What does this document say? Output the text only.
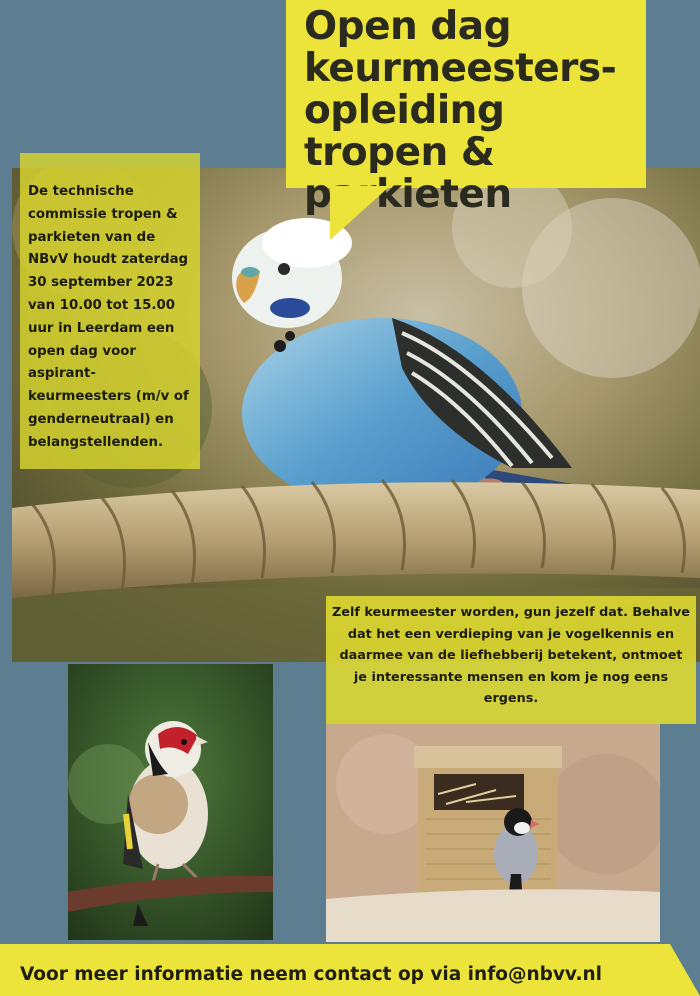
Open dag keurmeesters-opleiding tropen & parkieten

De technische commissie tropen & parkieten van de NBvV houdt zaterdag 30 september 2023 van 10.00 tot 15.00 uur in Leerdam een open dag voor aspirant-keurmeesters (m/v of genderneutraal) en belangstellenden.

Zelf keurmeester worden, gun jezelf dat. Behalve dat het een verdieping van je vogelkennis en daarmee van de liefhebberij betekent, ontmoet je interessante mensen en kom je nog eens ergens.

Voor meer informatie neem contact op via info@nbvv.nl
